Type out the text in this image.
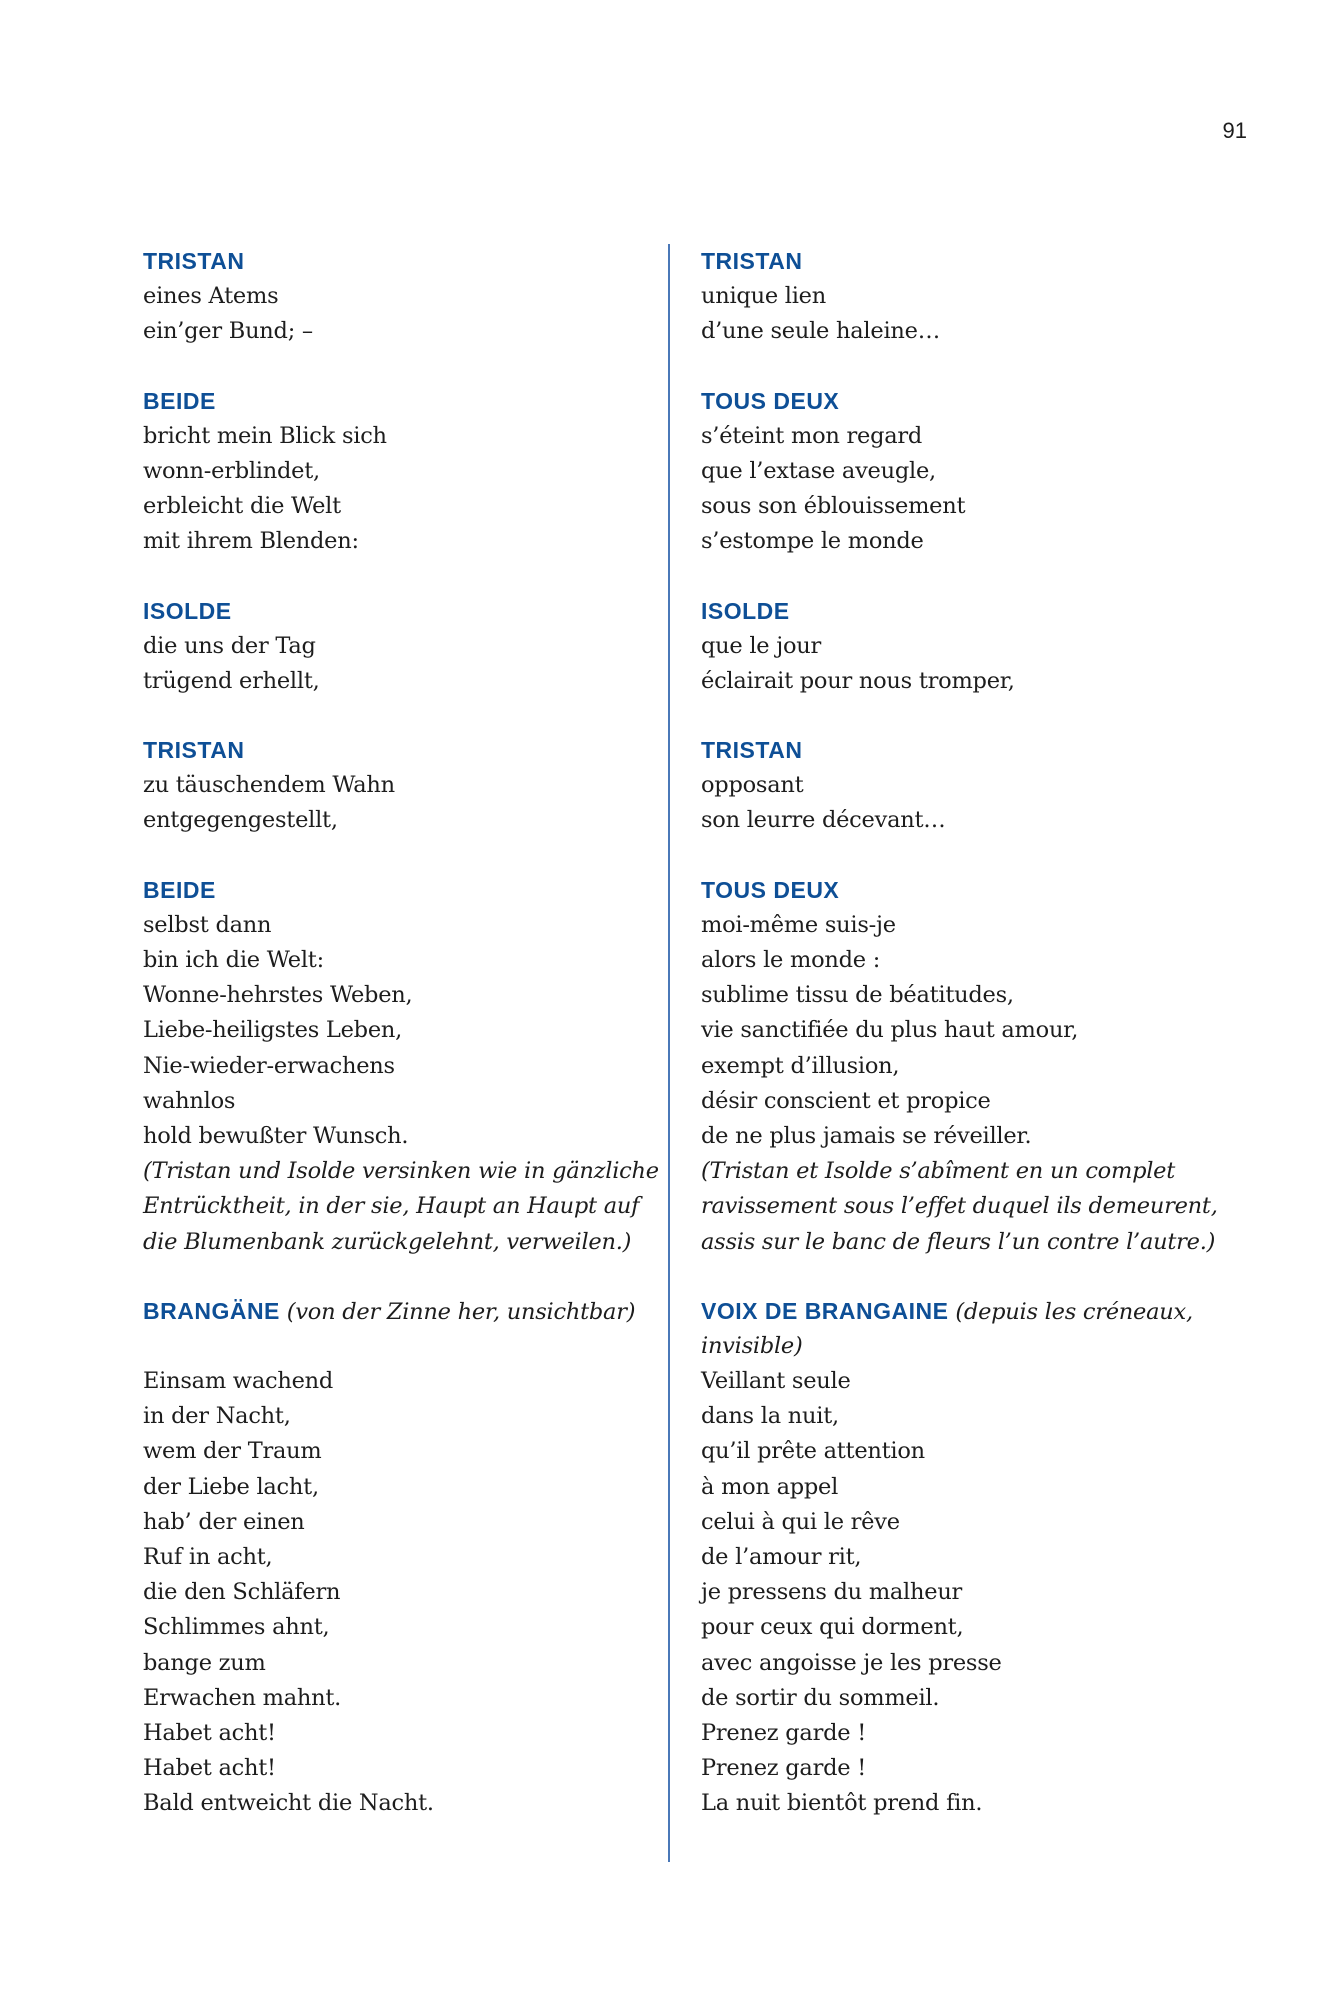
91
TRISTAN
eines Atems
ein’ger Bund; –
BEIDE
bricht mein Blick sich
wonn-erblindet,
erbleicht die Welt
mit ihrem Blenden:
ISOLDE
die uns der Tag
trügend erhellt,
TRISTAN
zu täuschendem Wahn
entgegengestellt,
BEIDE
selbst dann
bin ich die Welt:
Wonne-hehrstes Weben,
Liebe-heiligstes Leben,
Nie-wieder-erwachens
wahnlos
hold bewußter Wunsch.
(Tristan und Isolde versinken wie in gänzliche
Entrücktheit, in der sie, Haupt an Haupt auf
die Blumenbank zurückgelehnt, verweilen.)
BRANGÄNE (von der Zinne her, unsichtbar)
Einsam wachend
in der Nacht,
wem der Traum
der Liebe lacht,
hab’ der einen
Ruf in acht,
die den Schläfern
Schlimmes ahnt,
bange zum
Erwachen mahnt.
Habet acht!
Habet acht!
Bald entweicht die Nacht.
TRISTAN
unique lien
d’une seule haleine…
TOUS DEUX
s’éteint mon regard
que l’extase aveugle,
sous son éblouissement
s’estompe le monde
ISOLDE
que le jour
éclairait pour nous tromper,
TRISTAN
opposant
son leurre décevant…
TOUS DEUX
moi-même suis-je
alors le monde :
sublime tissu de béatitudes,
vie sanctifiée du plus haut amour,
exempt d’illusion,
désir conscient et propice
de ne plus jamais se réveiller.
(Tristan et Isolde s’abîment en un complet
ravissement sous l’effet duquel ils demeurent,
assis sur le banc de fleurs l’un contre l’autre.)
VOIX DE BRANGAINE (depuis les créneaux,
invisible)
Veillant seule
dans la nuit,
qu’il prête attention
à mon appel
celui à qui le rêve
de l’amour rit,
je pressens du malheur
pour ceux qui dorment,
avec angoisse je les presse
de sortir du sommeil.
Prenez garde !
Prenez garde !
La nuit bientôt prend fin.
